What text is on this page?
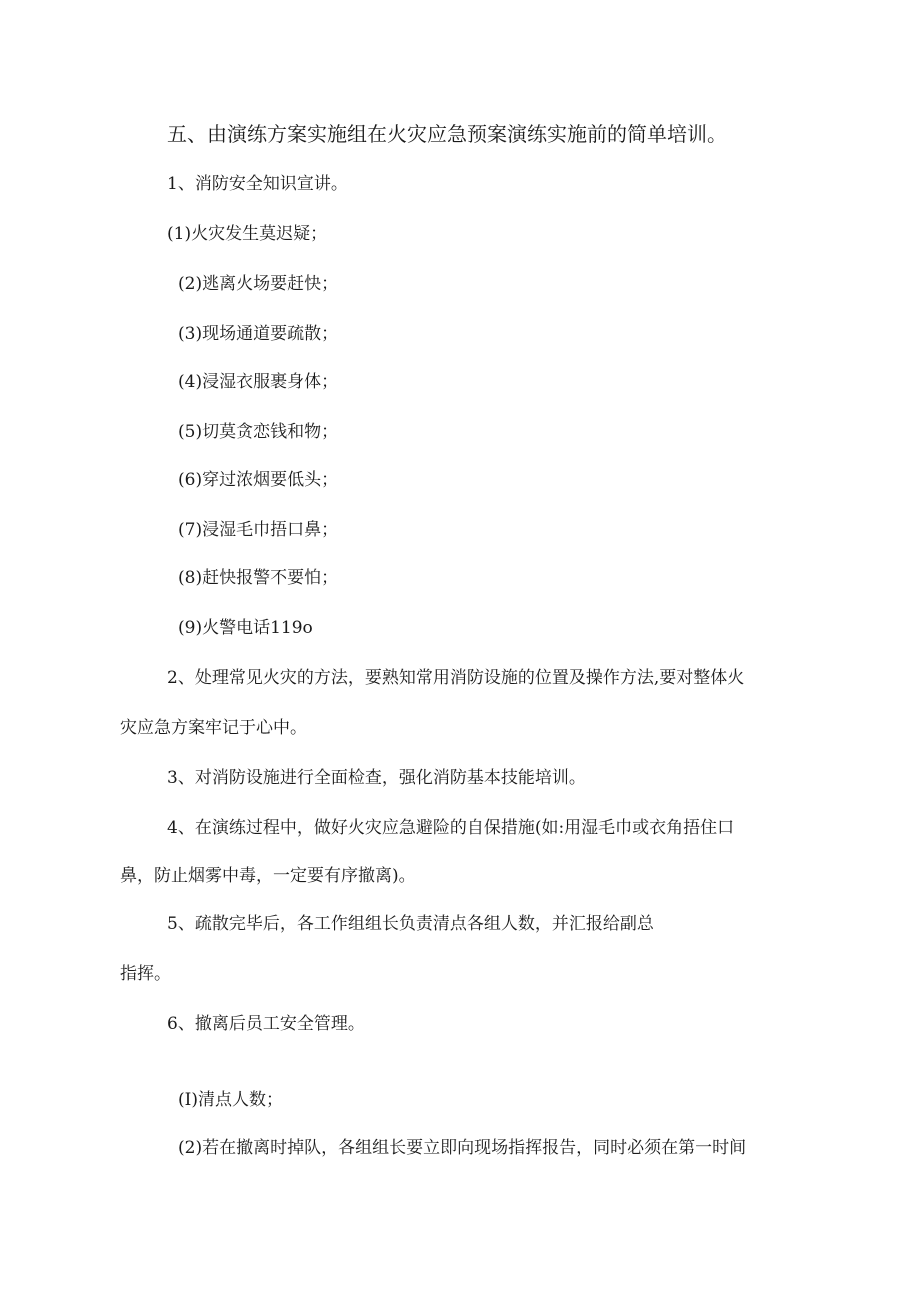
五、由演练方案实施组在火灾应急预案演练实施前的简单培训。
1、消防安全知识宣讲。
(1)火灾发生莫迟疑；
(2)逃离火场要赶快；
(3)现场通道要疏散；
(4)浸湿衣服裹身体；
(5)切莫贪恋钱和物；
(6)穿过浓烟要低头；
(7)浸湿毛巾捂口鼻；
(8)赶快报警不要怕；
(9)火警电话119o
2、处理常见火灾的方法，要熟知常用消防设施的位置及操作方法,要对整体火
灾应急方案牢记于心中。
3、对消防设施进行全面检查，强化消防基本技能培训。
4、在演练过程中，做好火灾应急避险的自保措施(如:用湿毛巾或衣角捂住口
鼻，防止烟雾中毒，一定要有序撤离)。
5、疏散完毕后，各工作组组长负责清点各组人数，并汇报给副总
指挥。
6、撤离后员工安全管理。
(I)清点人数；
(2)若在撤离时掉队，各组组长要立即向现场指挥报告，同时必须在第一时间
